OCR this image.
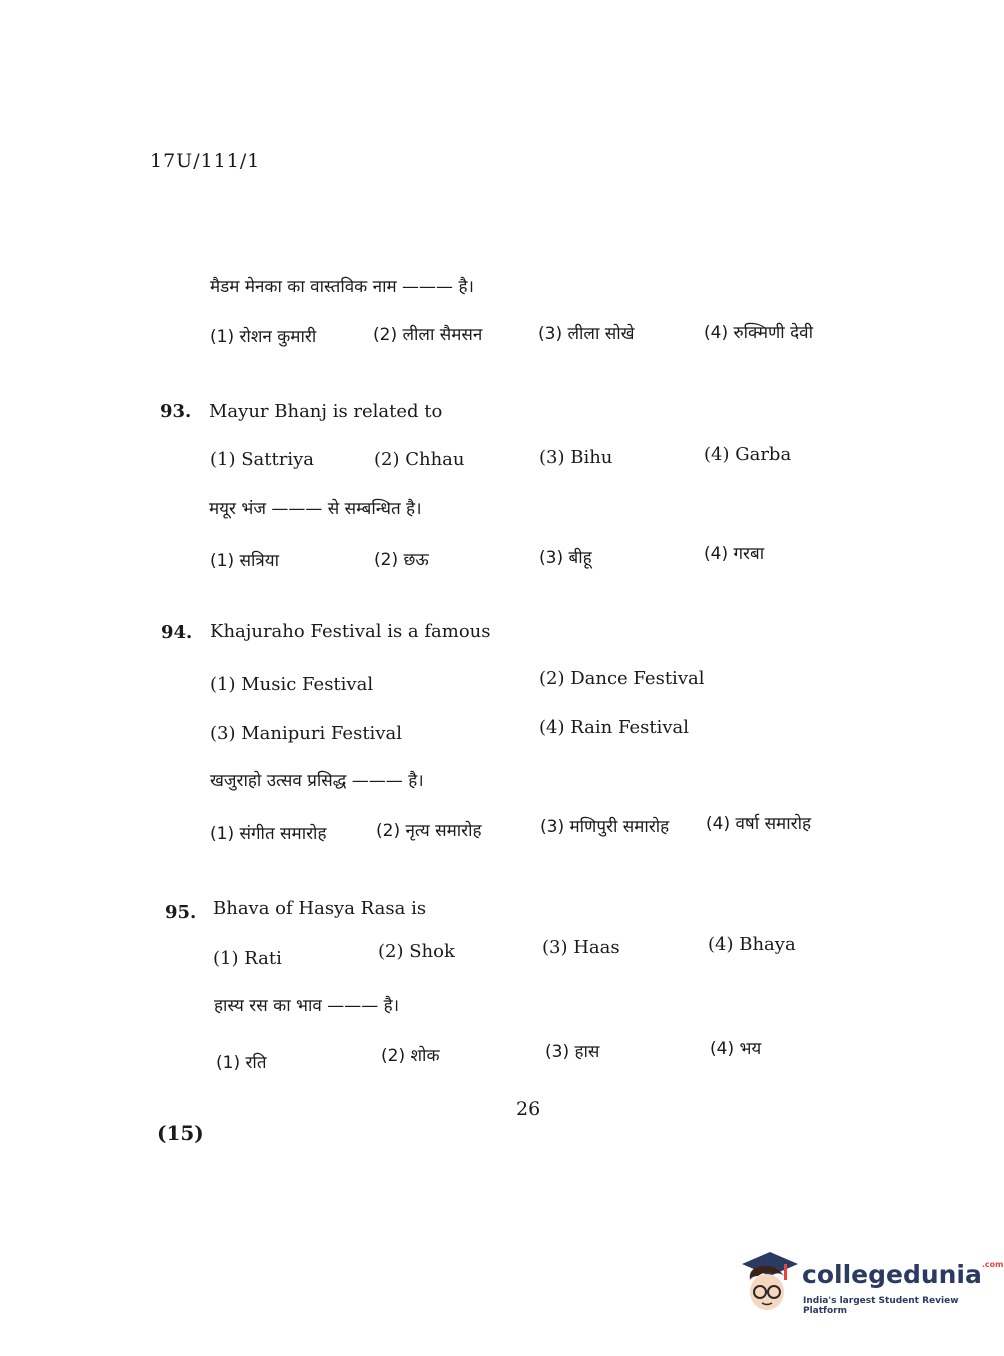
17U/111/1
मैडम मेनका का वास्तविक नाम ——— है।
(1) रोशन कुमारी	(2) लीला सैमसन	(3) लीला सोखे	(4) रुक्मिणी देवी
93. Mayur Bhanj is related to
(1) Sattriya	(2) Chhau	(3) Bihu	(4) Garba
मयूर भंज ——— से सम्बन्धित है।
(1) सत्रिया	(2) छऊ	(3) बीहू	(4) गरबा
94. Khajuraho Festival is a famous
(1) Music Festival	(2) Dance Festival
(3) Manipuri Festival	(4) Rain Festival
खजुराहो उत्सव प्रसिद्ध ——— है।
(1) संगीत समारोह	(2) नृत्य समारोह	(3) मणिपुरी समारोह (4) वर्षा समारोह
95. Bhava of Hasya Rasa is
(1) Rati	(2) Shok	(3) Haas	(4) Bhaya
हास्य रस का भाव ——— है।
(1) रति	(2) शोक	(3) हास	(4) भय
26
(15)
collegedunia$^{.com}$
India's largest Student Review Platform
